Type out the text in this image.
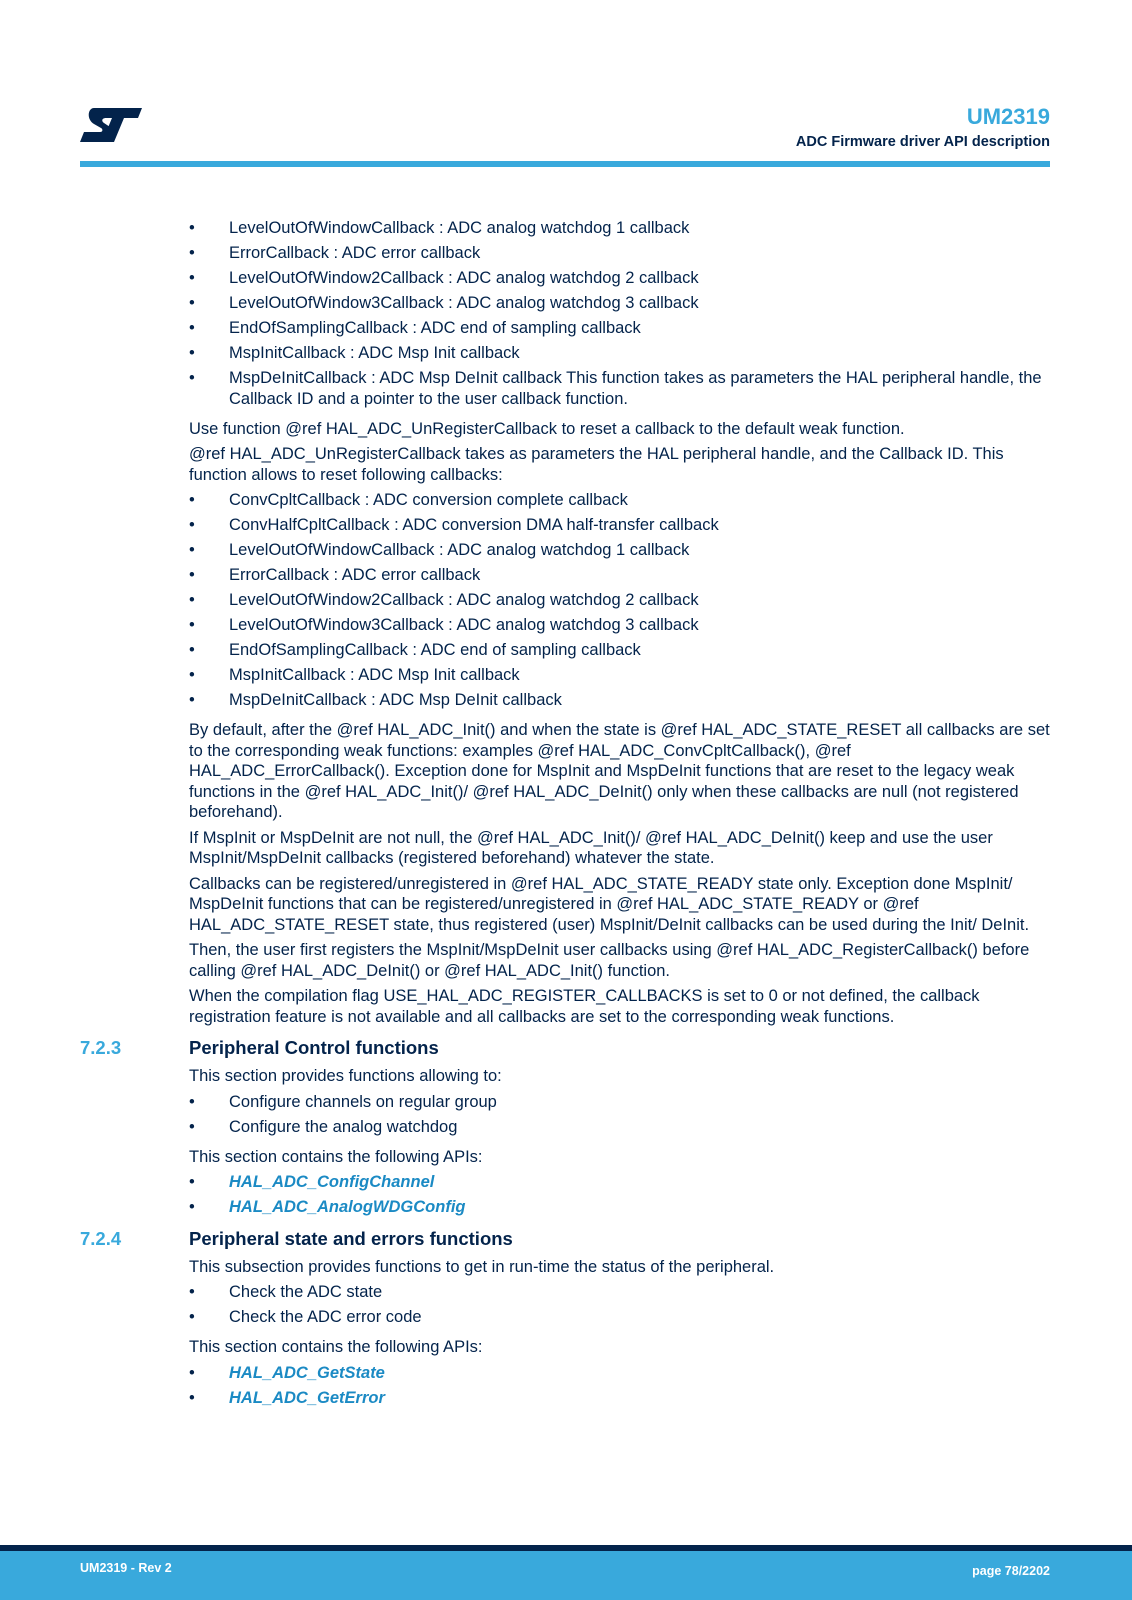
UM2319
ADC Firmware driver API description
• LevelOutOfWindowCallback : ADC analog watchdog 1 callback
• ErrorCallback : ADC error callback
• LevelOutOfWindow2Callback : ADC analog watchdog 2 callback
• LevelOutOfWindow3Callback : ADC analog watchdog 3 callback
• EndOfSamplingCallback : ADC end of sampling callback
• MspInitCallback : ADC Msp Init callback
• MspDeInitCallback : ADC Msp DeInit callback This function takes as parameters the HAL peripheral handle, the Callback ID and a pointer to the user callback function.
Use function @ref HAL_ADC_UnRegisterCallback to reset a callback to the default weak function.
@ref HAL_ADC_UnRegisterCallback takes as parameters the HAL peripheral handle, and the Callback ID. This function allows to reset following callbacks:
• ConvCpltCallback : ADC conversion complete callback
• ConvHalfCpltCallback : ADC conversion DMA half-transfer callback
• LevelOutOfWindowCallback : ADC analog watchdog 1 callback
• ErrorCallback : ADC error callback
• LevelOutOfWindow2Callback : ADC analog watchdog 2 callback
• LevelOutOfWindow3Callback : ADC analog watchdog 3 callback
• EndOfSamplingCallback : ADC end of sampling callback
• MspInitCallback : ADC Msp Init callback
• MspDeInitCallback : ADC Msp DeInit callback
By default, after the @ref HAL_ADC_Init() and when the state is @ref HAL_ADC_STATE_RESET all callbacks are set to the corresponding weak functions: examples @ref HAL_ADC_ConvCpltCallback(), @ref HAL_ADC_ErrorCallback(). Exception done for MspInit and MspDeInit functions that are reset to the legacy weak functions in the @ref HAL_ADC_Init()/ @ref HAL_ADC_DeInit() only when these callbacks are null (not registered beforehand).
If MspInit or MspDeInit are not null, the @ref HAL_ADC_Init()/ @ref HAL_ADC_DeInit() keep and use the user MspInit/MspDeInit callbacks (registered beforehand) whatever the state.
Callbacks can be registered/unregistered in @ref HAL_ADC_STATE_READY state only. Exception done MspInit/ MspDeInit functions that can be registered/unregistered in @ref HAL_ADC_STATE_READY or @ref HAL_ADC_STATE_RESET state, thus registered (user) MspInit/DeInit callbacks can be used during the Init/ DeInit.
Then, the user first registers the MspInit/MspDeInit user callbacks using @ref HAL_ADC_RegisterCallback() before calling @ref HAL_ADC_DeInit() or @ref HAL_ADC_Init() function.
When the compilation flag USE_HAL_ADC_REGISTER_CALLBACKS is set to 0 or not defined, the callback registration feature is not available and all callbacks are set to the corresponding weak functions.
7.2.3	Peripheral Control functions
This section provides functions allowing to:
• Configure channels on regular group
• Configure the analog watchdog
This section contains the following APIs:
• HAL_ADC_ConfigChannel
• HAL_ADC_AnalogWDGConfig
7.2.4	Peripheral state and errors functions
This subsection provides functions to get in run-time the status of the peripheral.
• Check the ADC state
• Check the ADC error code
This section contains the following APIs:
• HAL_ADC_GetState
• HAL_ADC_GetError
UM2319 - Rev 2	page 78/2202
